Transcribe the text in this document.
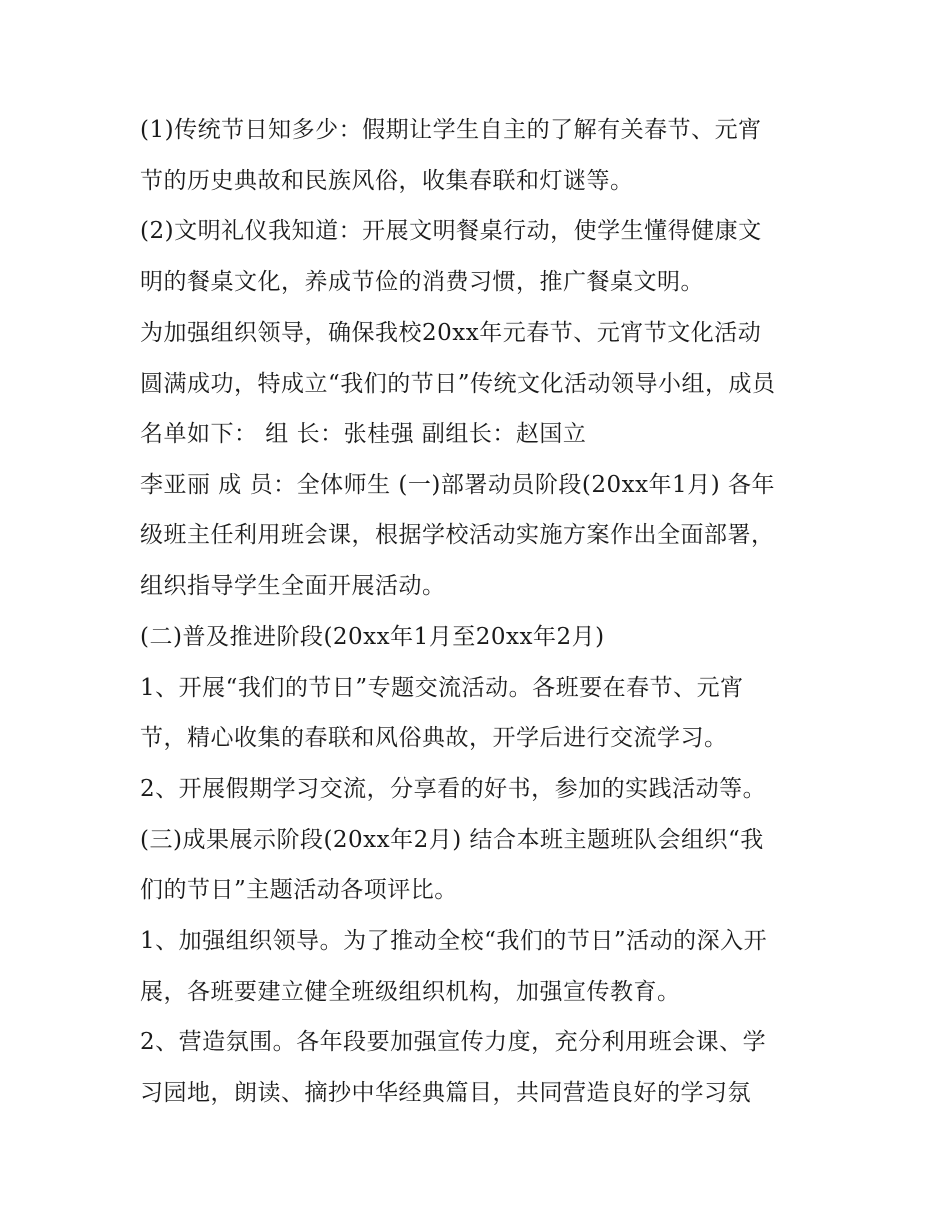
(1)传统节日知多少：假期让学生自主的了解有关春节、元宵
节的历史典故和民族风俗，收集春联和灯谜等。
(2)文明礼仪我知道：开展文明餐桌行动，使学生懂得健康文
明的餐桌文化，养成节俭的消费习惯，推广餐桌文明。
为加强组织领导，确保我校20xx年元春节、元宵节文化活动
圆满成功，特成立“我们的节日”传统文化活动领导小组，成员
名单如下： 组 长：张桂强 副组长：赵国立
李亚丽 成 员：全体师生 (一)部署动员阶段(20xx年1月) 各年
级班主任利用班会课，根据学校活动实施方案作出全面部署，
组织指导学生全面开展活动。
(二)普及推进阶段(20xx年1月至20xx年2月)
1、开展“我们的节日”专题交流活动。各班要在春节、元宵
节，精心收集的春联和风俗典故，开学后进行交流学习。
2、开展假期学习交流，分享看的好书，参加的实践活动等。
(三)成果展示阶段(20xx年2月) 结合本班主题班队会组织“我
们的节日”主题活动各项评比。
1、加强组织领导。为了推动全校“我们的节日”活动的深入开
展，各班要建立健全班级组织机构，加强宣传教育。
2、营造氛围。各年段要加强宣传力度，充分利用班会课、学
习园地，朗读、摘抄中华经典篇目，共同营造良好的学习氛
